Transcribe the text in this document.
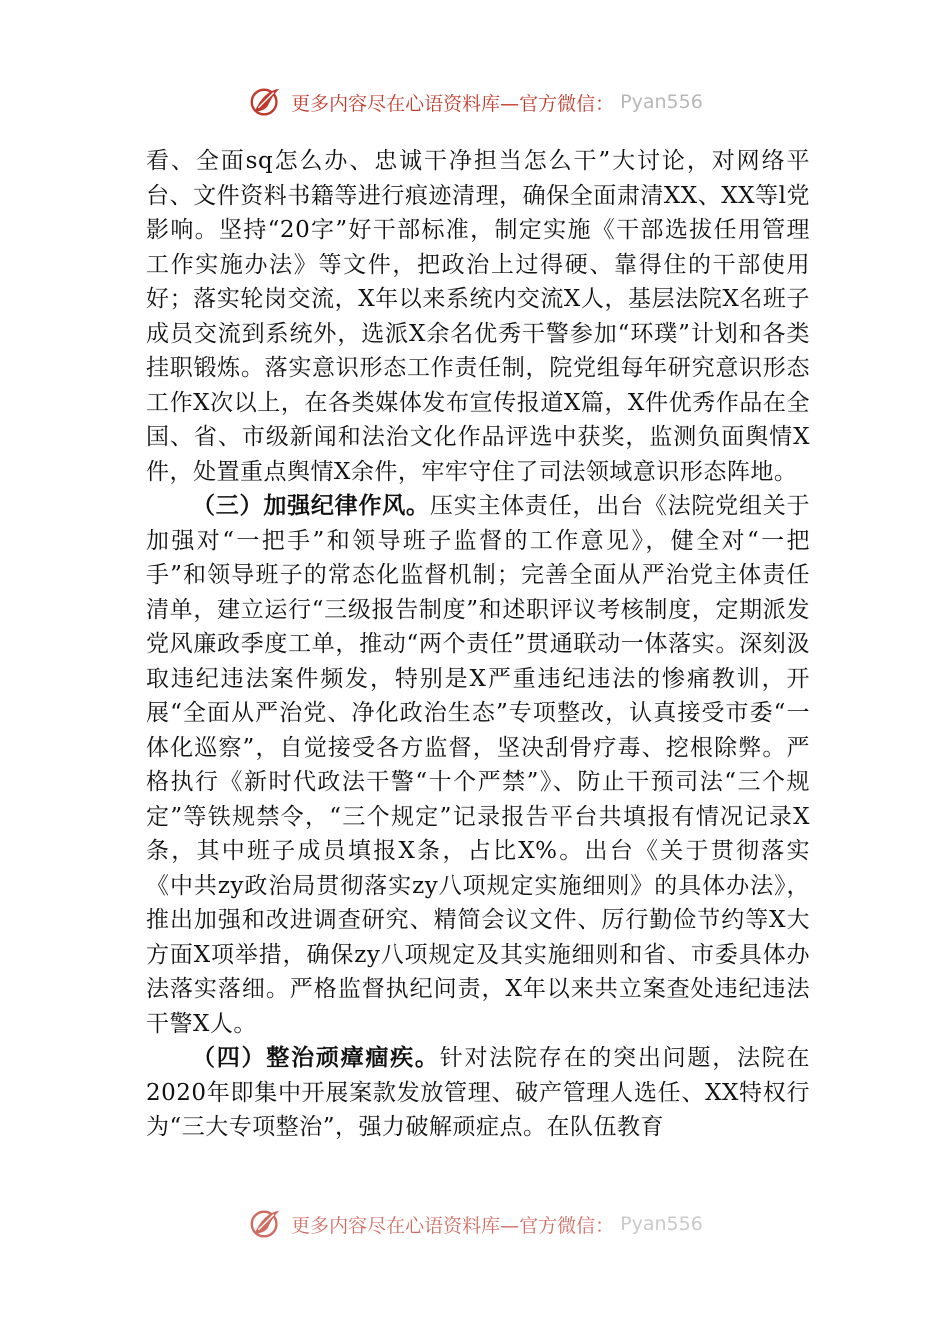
更多内容尽在心语资料库—官方微信： Pyan556

看、全面sq怎么办、忠诚干净担当怎么干”大讨论，对网络平台、文件资料书籍等进行痕迹清理，确保全面肃清XX、XX等l党影响。坚持“20字”好干部标准，制定实施《干部选拔任用管理工作实施办法》等文件，把政治上过得硬、靠得住的干部使用好；落实轮岗交流，X年以来系统内交流X人，基层法院X名班子成员交流到系统外，选派X余名优秀干警参加“环璞”计划和各类挂职锻炼。落实意识形态工作责任制，院党组每年研究意识形态工作X次以上，在各类媒体发布宣传报道X篇，X件优秀作品在全国、省、市级新闻和法治文化作品评选中获奖，监测负面舆情X件，处置重点舆情X余件，牢牢守住了司法领域意识形态阵地。

（三）加强纪律作风。压实主体责任，出台《法院党组关于加强对“一把手”和领导班子监督的工作意见》，健全对“一把手”和领导班子的常态化监督机制；完善全面从严治党主体责任清单，建立运行“三级报告制度”和述职评议考核制度，定期派发党风廉政季度工单，推动“两个责任”贯通联动一体落实。深刻汲取违纪违法案件频发，特别是X严重违纪违法的惨痛教训，开展“全面从严治党、净化政治生态”专项整改，认真接受市委“一体化巡察”，自觉接受各方监督，坚决刮骨疗毒、挖根除弊。严格执行《新时代政法干警“十个严禁”》、防止干预司法“三个规定”等铁规禁令，“三个规定”记录报告平台共填报有情况记录X条，其中班子成员填报X条，占比X%。出台《关于贯彻落实《中共zy政治局贯彻落实zy八项规定实施细则》的具体办法》，推出加强和改进调查研究、精简会议文件、厉行勤俭节约等X大方面X项举措，确保zy八项规定及其实施细则和省、市委具体办法落实落细。严格监督执纪问责，X年以来共立案查处违纪违法干警X人。

（四）整治顽瘴痼疾。针对法院存在的突出问题，法院在2020年即集中开展案款发放管理、破产管理人选任、XX特权行为“三大专项整治”，强力破解顽症点。在队伍教育

更多内容尽在心语资料库—官方微信： Pyan556
